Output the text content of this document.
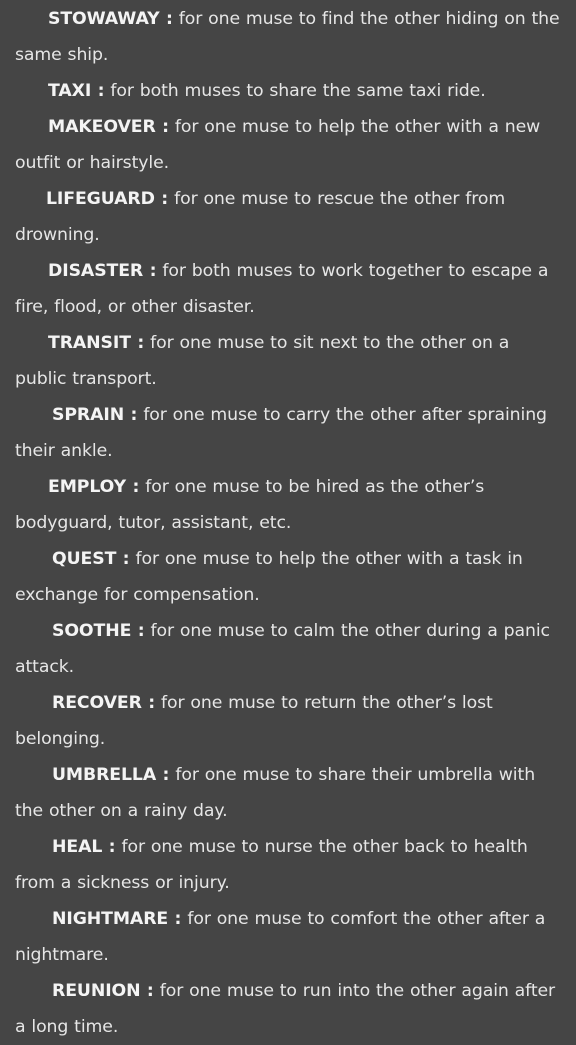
STOWAWAY : for one muse to find the other hiding on the same ship.

TAXI : for both muses to share the same taxi ride.

MAKEOVER : for one muse to help the other with a new outfit or hairstyle.

LIFEGUARD : for one muse to rescue the other from drowning.

DISASTER : for both muses to work together to escape a fire, flood, or other disaster.

TRANSIT : for one muse to sit next to the other on a public transport.

SPRAIN : for one muse to carry the other after spraining their ankle.

EMPLOY : for one muse to be hired as the other’s bodyguard, tutor, assistant, etc.

QUEST : for one muse to help the other with a task in exchange for compensation.

SOOTHE : for one muse to calm the other during a panic attack.

RECOVER : for one muse to return the other’s lost belonging.

UMBRELLA : for one muse to share their umbrella with the other on a rainy day.

HEAL : for one muse to nurse the other back to health from a sickness or injury.

NIGHTMARE : for one muse to comfort the other after a nightmare.

REUNION : for one muse to run into the other again after a long time.
